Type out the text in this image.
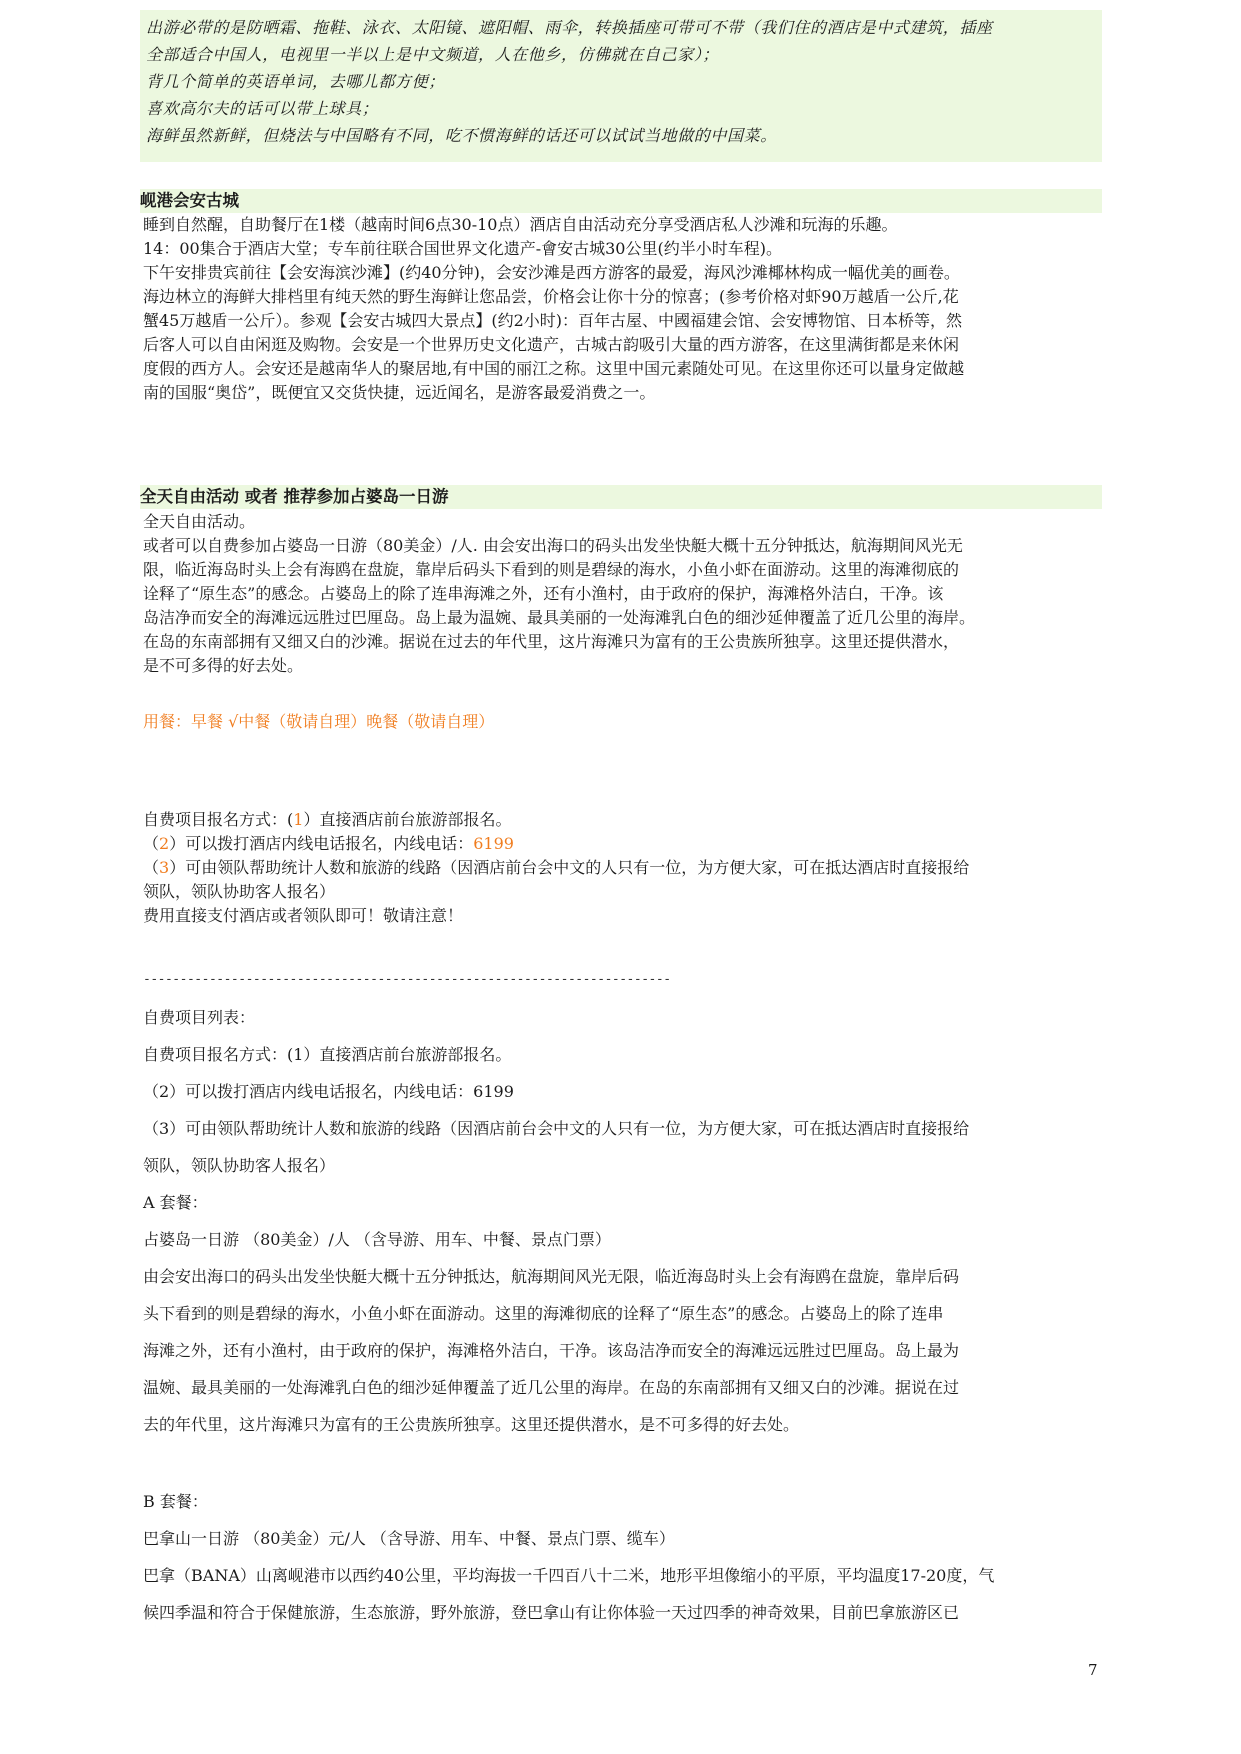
出游必带的是防晒霜、拖鞋、泳衣、太阳镜、遮阳帽、雨伞，转换插座可带可不带（我们住的酒店是中式建筑，插座

全部适合中国人，电视里一半以上是中文频道，人在他乡，仿佛就在自己家）；

背几个简单的英语单词，去哪儿都方便；

喜欢高尔夫的话可以带上球具；

海鲜虽然新鲜，但烧法与中国略有不同，吃不惯海鲜的话还可以试试当地做的中国菜。

岘港会安古城

睡到自然醒，自助餐厅在1楼（越南时间6点30-10点）酒店自由活动充分享受酒店私人沙滩和玩海的乐趣。

14：00集合于酒店大堂；专车前往联合国世界文化遗产-會安古城30公里(约半小时车程)。

下午安排贵宾前往【会安海滨沙滩】(约40分钟)，会安沙滩是西方游客的最爱，海风沙滩椰林构成一幅优美的画卷。

海边林立的海鲜大排档里有纯天然的野生海鲜让您品尝，价格会让你十分的惊喜；(参考价格对虾90万越盾一公斤,花

蟹45万越盾一公斤）。参观【会安古城四大景点】(约2小时)：百年古屋、中國福建会馆、会安博物馆、日本桥等，然

后客人可以自由闲逛及购物。会安是一个世界历史文化遗产，古城古韵吸引大量的西方游客，在这里满街都是来休闲

度假的西方人。会安还是越南华人的聚居地,有中国的丽江之称。这里中国元素随处可见。在这里你还可以量身定做越

南的国服“奥岱”，既便宜又交货快捷，远近闻名，是游客最爱消费之一。

全天自由活动 或者 推荐参加占婆岛一日游

全天自由活动。

或者可以自费参加占婆岛一日游（80美金）/人. 由会安出海口的码头出发坐快艇大概十五分钟抵达，航海期间风光无

限，临近海岛时头上会有海鸥在盘旋，靠岸后码头下看到的则是碧绿的海水，小鱼小虾在面游动。这里的海滩彻底的

诠释了“原生态”的感念。占婆岛上的除了连串海滩之外，还有小渔村，由于政府的保护，海滩格外洁白，干净。该

岛洁净而安全的海滩远远胜过巴厘岛。岛上最为温婉、最具美丽的一处海滩乳白色的细沙延伸覆盖了近几公里的海岸。

在岛的东南部拥有又细又白的沙滩。据说在过去的年代里，这片海滩只为富有的王公贵族所独享。这里还提供潜水，

是不可多得的好去处。

用餐：早餐 √中餐（敬请自理）晚餐（敬请自理）

自费项目报名方式：(1）直接酒店前台旅游部报名。

（2）可以拨打酒店内线电话报名，内线电话：6199

（3）可由领队帮助统计人数和旅游的线路（因酒店前台会中文的人只有一位，为方便大家，可在抵达酒店时直接报给

领队，领队协助客人报名）

费用直接支付酒店或者领队即可！敬请注意！

------------------------------------------------------------------------

自费项目列表：

自费项目报名方式：(1）直接酒店前台旅游部报名。

（2）可以拨打酒店内线电话报名，内线电话：6199

（3）可由领队帮助统计人数和旅游的线路（因酒店前台会中文的人只有一位，为方便大家，可在抵达酒店时直接报给

领队，领队协助客人报名）

A 套餐：

占婆岛一日游 （80美金）/人 （含导游、用车、中餐、景点门票）

由会安出海口的码头出发坐快艇大概十五分钟抵达，航海期间风光无限，临近海岛时头上会有海鸥在盘旋，靠岸后码

头下看到的则是碧绿的海水，小鱼小虾在面游动。这里的海滩彻底的诠释了“原生态”的感念。占婆岛上的除了连串

海滩之外，还有小渔村，由于政府的保护，海滩格外洁白，干净。该岛洁净而安全的海滩远远胜过巴厘岛。岛上最为

温婉、最具美丽的一处海滩乳白色的细沙延伸覆盖了近几公里的海岸。在岛的东南部拥有又细又白的沙滩。据说在过

去的年代里，这片海滩只为富有的王公贵族所独享。这里还提供潜水，是不可多得的好去处。

B 套餐：

巴拿山一日游 （80美金）元/人 （含导游、用车、中餐、景点门票、缆车）

巴拿（BANA）山离岘港市以西约40公里，平均海拔一千四百八十二米，地形平坦像缩小的平原，平均温度17-20度，气

候四季温和符合于保健旅游，生态旅游，野外旅游，登巴拿山有让你体验一天过四季的神奇效果，目前巴拿旅游区已

7
